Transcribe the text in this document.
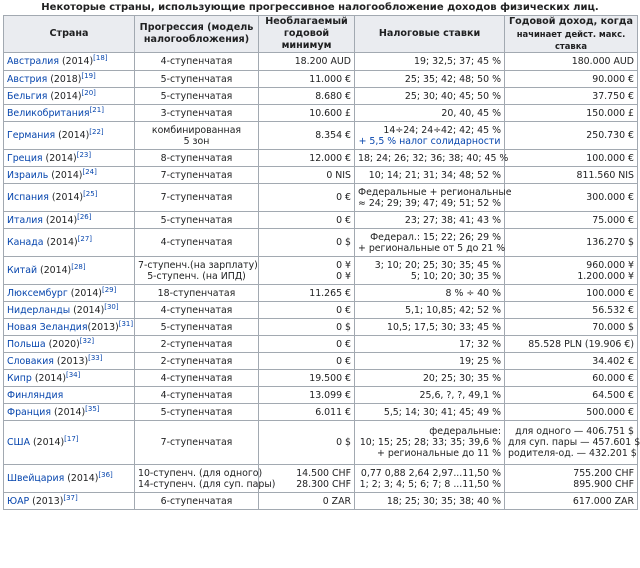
Некоторые страны, использующие прогрессивное налогообложение доходов физических лиц.
Страна	Прогрессия (модель налогообложения)	Необлагаемый годовой минимум	Налоговые ставки	Годовой доход, когда
начинает дейст. макс. ставка

Австралия (2014)[18]	4-ступенчатая	18.200 AUD	19; 32,5; 37; 45 %	180.000 AUD

Австрия (2018)[19]	5-ступенчатая	11.000 €	25; 35; 42; 48; 50 %	90.000 €

Бельгия (2014)[20]	5-ступенчатая	8.680 €	25; 30; 40; 45; 50 %	37.750 €

Великобритания[21]	3-ступенчатая	10.600 £	20, 40, 45 %	150.000 £

Германия (2014)[22]	комбинированная
5 зон	8.354 €	14÷24; 24÷42; 42; 45 %
+ 5,5 % налог солидарности	250.730 €

Греция (2014)[23]	8-ступенчатая	12.000 €	18; 24; 26; 32; 36; 38; 40; 45 %	100.000 €

Израиль (2014)[24]	7-ступенчатая	0 NIS	10; 14; 21; 31; 34; 48; 52 %	811.560 NIS

Испания (2014)[25]	7-ступенчатая	0 €	Федеральные + региональные
≈ 24; 29; 39; 47; 49; 51; 52 %	300.000 €

Италия (2014)[26]	5-ступенчатая	0 €	23; 27; 38; 41; 43 %	75.000 €

Канада (2014)[27]	4-ступенчатая	0 $	Федерал.: 15; 22; 26; 29 %
+ региональные от 5 до 21 %	136.270 $

Китай (2014)[28]	7-ступенч.(на зарплату)
5-ступенч. (на ИПД)	0 ¥
0 ¥	3; 10; 20; 25; 30; 35; 45 %
5; 10; 20; 30; 35 %	960.000 ¥
1.200.000 ¥

Люксембург (2014)[29]	18-ступенчатая	11.265 €	8 % ÷ 40 %	100.000 €

Нидерланды (2014)[30]	4-ступенчатая	0 €	5,1; 10,85; 42; 52 %	56.532 €

Новая Зеландия(2013)[31]	5-ступенчатая	0 $	10,5; 17,5; 30; 33; 45 %	70.000 $

Польша (2020)[32]	2-ступенчатая	0 €	17; 32 %	85.528 PLN (19.906 €)

Словакия (2013)[33]	2-ступенчатая	0 €	19; 25 %	34.402 €

Кипр (2014)[34]	4-ступенчатая	19.500 €	20; 25; 30; 35 %	60.000 €

Финляндия	4-ступенчатая	13.099 €	25,6, ?, ?, 49,1 %	64.500 €

Франция (2014)[35]	5-ступенчатая	6.011 €	5,5; 14; 30; 41; 45; 49 %	500.000 €

США (2014)[17]	7-ступенчатая	0 $	федеральные:
10; 15; 25; 28; 33; 35; 39,6 %
+ региональные до 11 %	для одного — 406.751 $
для суп. пары — 457.601 $
родителя-од. — 432.201 $

Швейцария (2014)[36]	10-ступенч. (для одного)
14-ступенч. (для суп. пары)	14.500 CHF
28.300 CHF	0,77 0,88 2,64 2,97...11,50 %
1; 2; 3; 4; 5; 6; 7; 8 ...11,50 %	755.200 CHF
895.900 CHF

ЮАР (2013)[37]	6-ступенчатая	0 ZAR	18; 25; 30; 35; 38; 40 %	617.000 ZAR
